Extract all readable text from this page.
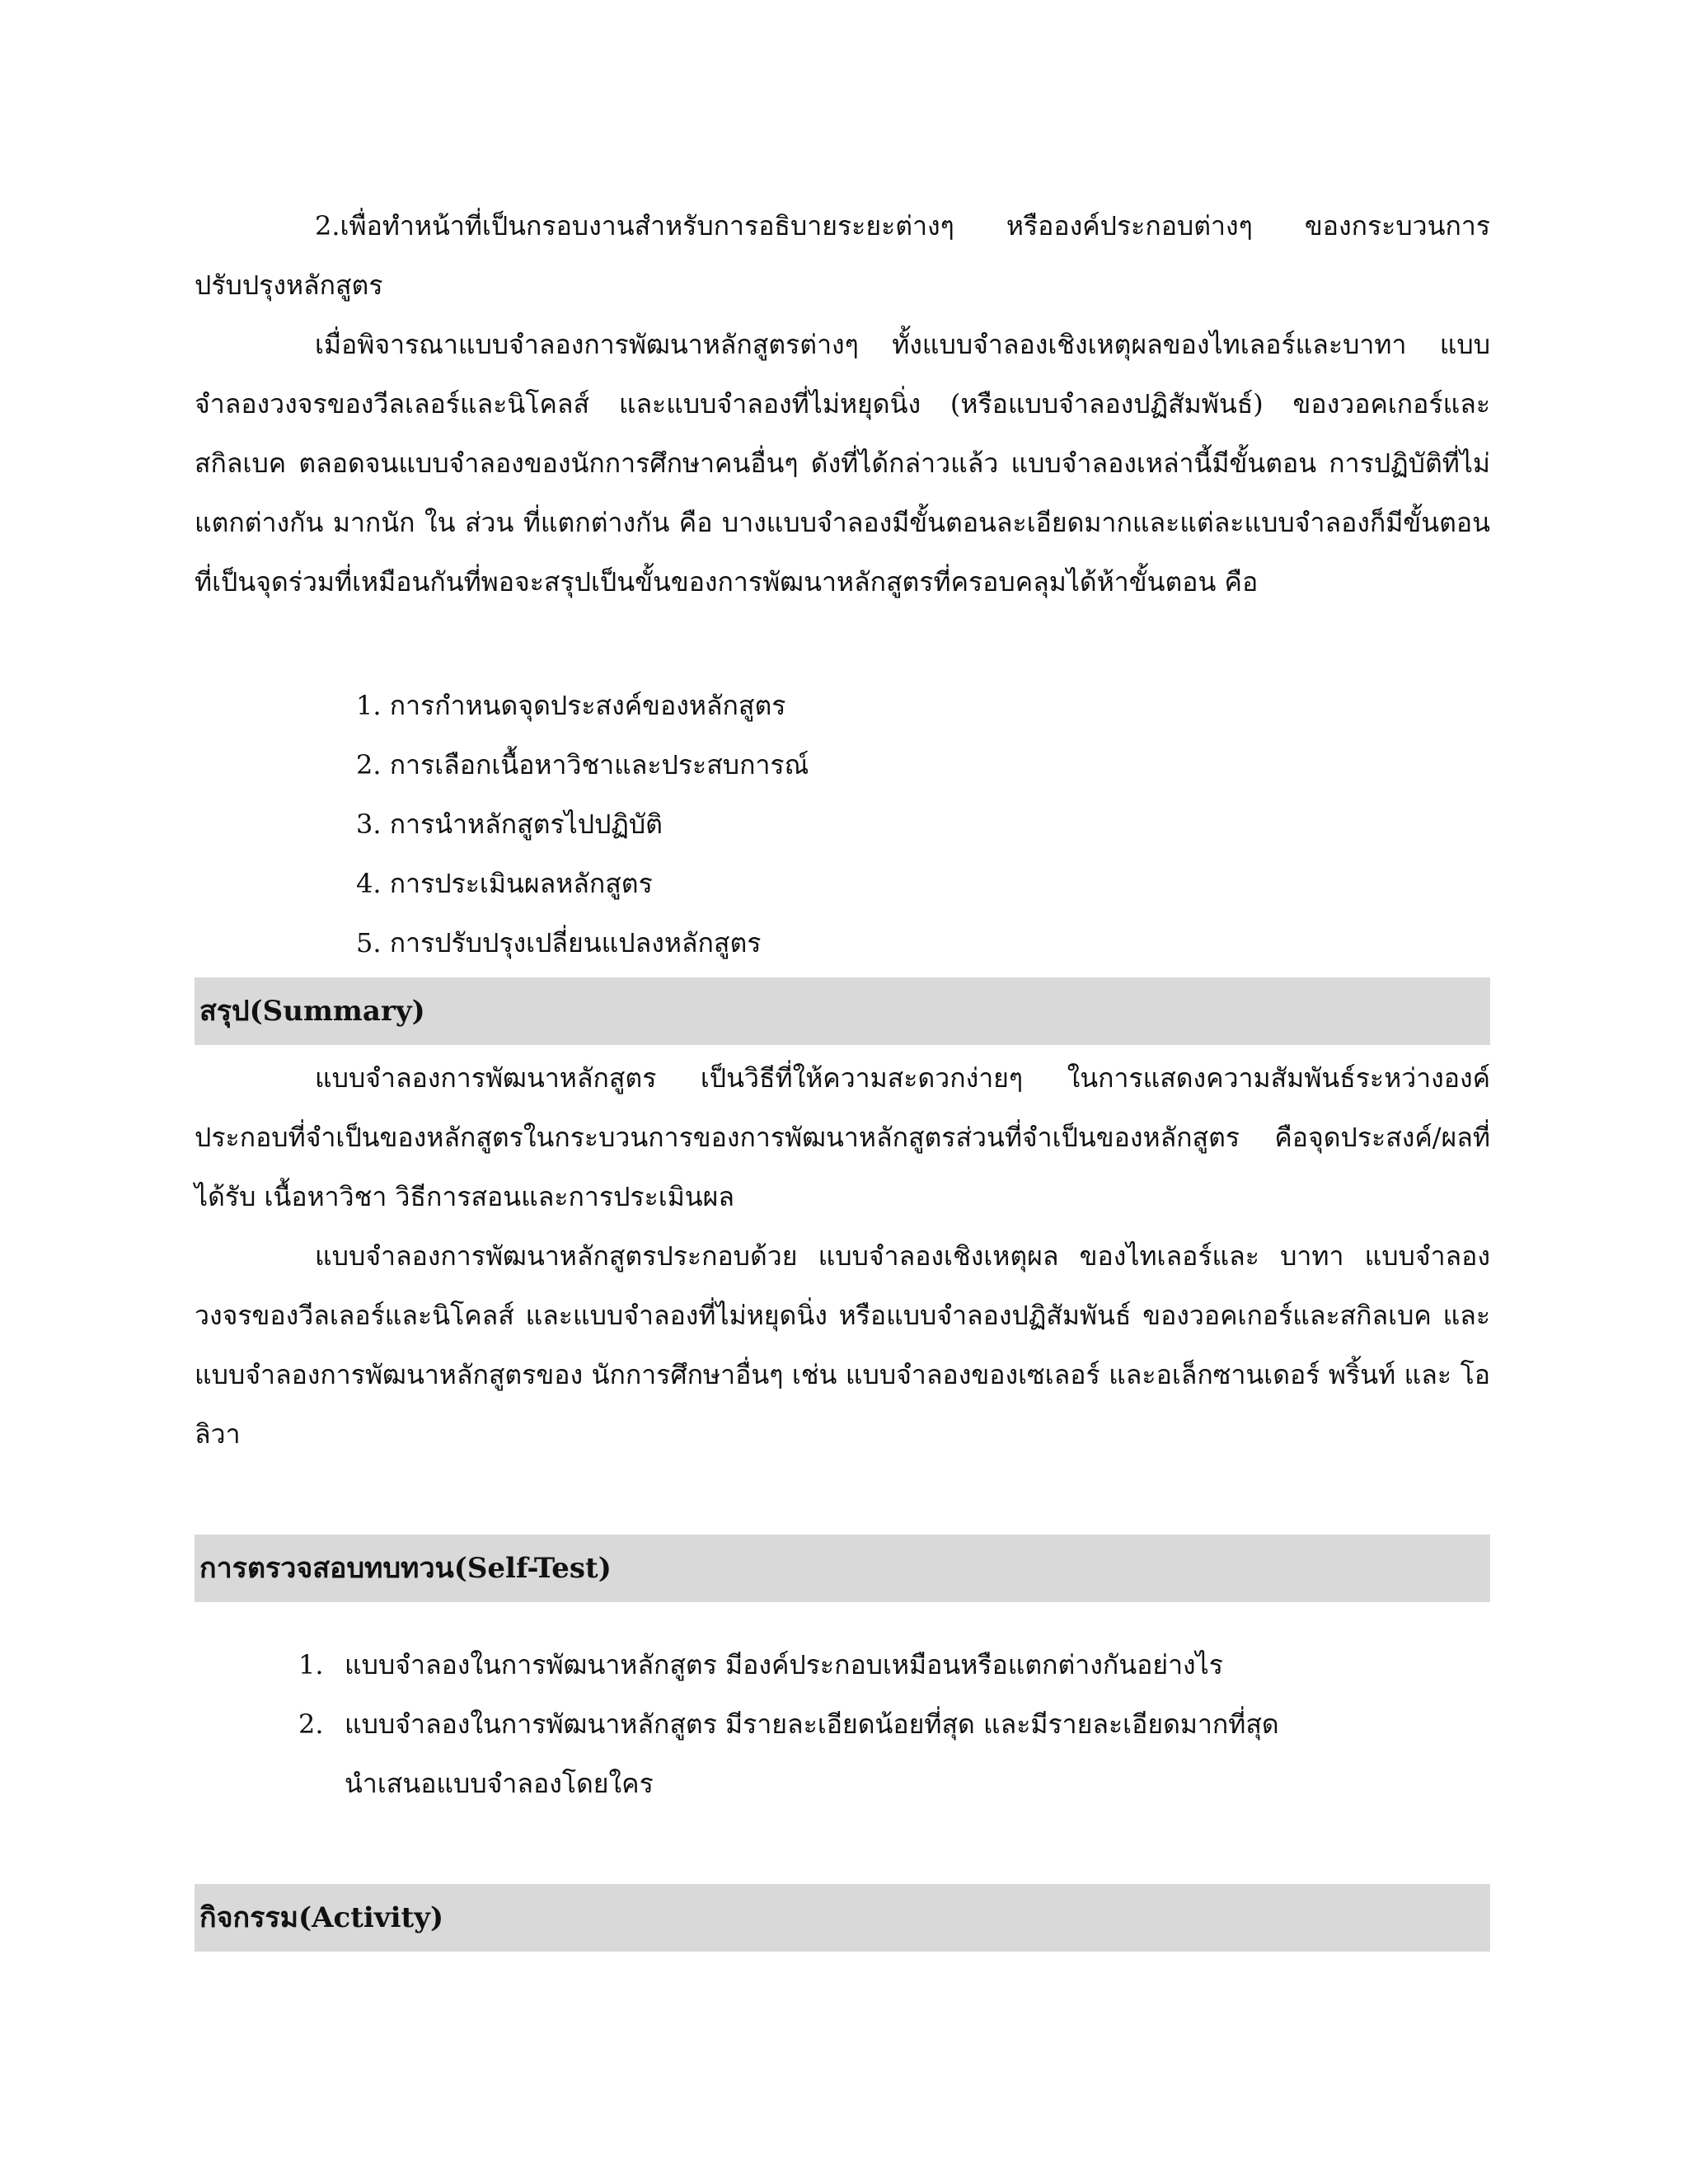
2.เพื่อทำหน้าที่เป็นกรอบงานสำหรับการอธิบายระยะต่างๆ หรือองค์ประกอบต่างๆ ของกระบวนการปรับปรุงหลักสูตร

เมื่อพิจารณาแบบจำลองการพัฒนาหลักสูตรต่างๆ ทั้งแบบจำลองเชิงเหตุผลของไทเลอร์และบาทา แบบจำลองวงจรของวีลเลอร์และนิโคลส์ และแบบจำลองที่ไม่หยุดนิ่ง (หรือแบบจำลองปฏิสัมพันธ์) ของวอคเกอร์และ สกิลเบค ตลอดจนแบบจำลองของนักการศึกษาคนอื่นๆ ดังที่ได้กล่าวแล้ว แบบจำลองเหล่านี้มีขั้นตอน การปฏิบัติที่ไม่แตกต่างกัน มากนัก ใน ส่วน ที่แตกต่างกัน คือ บางแบบจำลองมีขั้นตอนละเอียดมากและแต่ละแบบจำลองก็มีขั้นตอนที่เป็นจุดร่วมที่เหมือนกันที่พอจะสรุปเป็นขั้นของการพัฒนาหลักสูตรที่ครอบคลุมได้ห้าขั้นตอน คือ

1. การกำหนดจุดประสงค์ของหลักสูตร
2. การเลือกเนื้อหาวิชาและประสบการณ์
3. การนำหลักสูตรไปปฏิบัติ
4. การประเมินผลหลักสูตร
5. การปรับปรุงเปลี่ยนแปลงหลักสูตร
สรุป(Summary)

แบบจำลองการพัฒนาหลักสูตร เป็นวิธีที่ให้ความสะดวกง่ายๆ ในการแสดงความสัมพันธ์ระหว่างองค์ประกอบที่จำเป็นของหลักสูตรในกระบวนการของการพัฒนาหลักสูตรส่วนที่จำเป็นของหลักสูตร คือจุดประสงค์/ผลที่ได้รับ เนื้อหาวิชา วิธีการสอนและการประเมินผล

แบบจำลองการพัฒนาหลักสูตรประกอบด้วย แบบจำลองเชิงเหตุผล ของไทเลอร์และ บาทา แบบจำลองวงจรของวีลเลอร์และนิโคลส์ และแบบจำลองที่ไม่หยุดนิ่ง หรือแบบจำลองปฏิสัมพันธ์ ของวอคเกอร์และสกิลเบค และแบบจำลองการพัฒนาหลักสูตรของ นักการศึกษาอื่นๆ เช่น แบบจำลองของเซเลอร์ และอเล็กซานเดอร์ พริ้นท์ และ โอลิวา

การตรวจสอบทบทวน(Self-Test)
1. แบบจำลองในการพัฒนาหลักสูตร มีองค์ประกอบเหมือนหรือแตกต่างกันอย่างไร
2. แบบจำลองในการพัฒนาหลักสูตร มีรายละเอียดน้อยที่สุด และมีรายละเอียดมากที่สุด
นำเสนอแบบจำลองโดยใคร
กิจกรรม(Activity)
